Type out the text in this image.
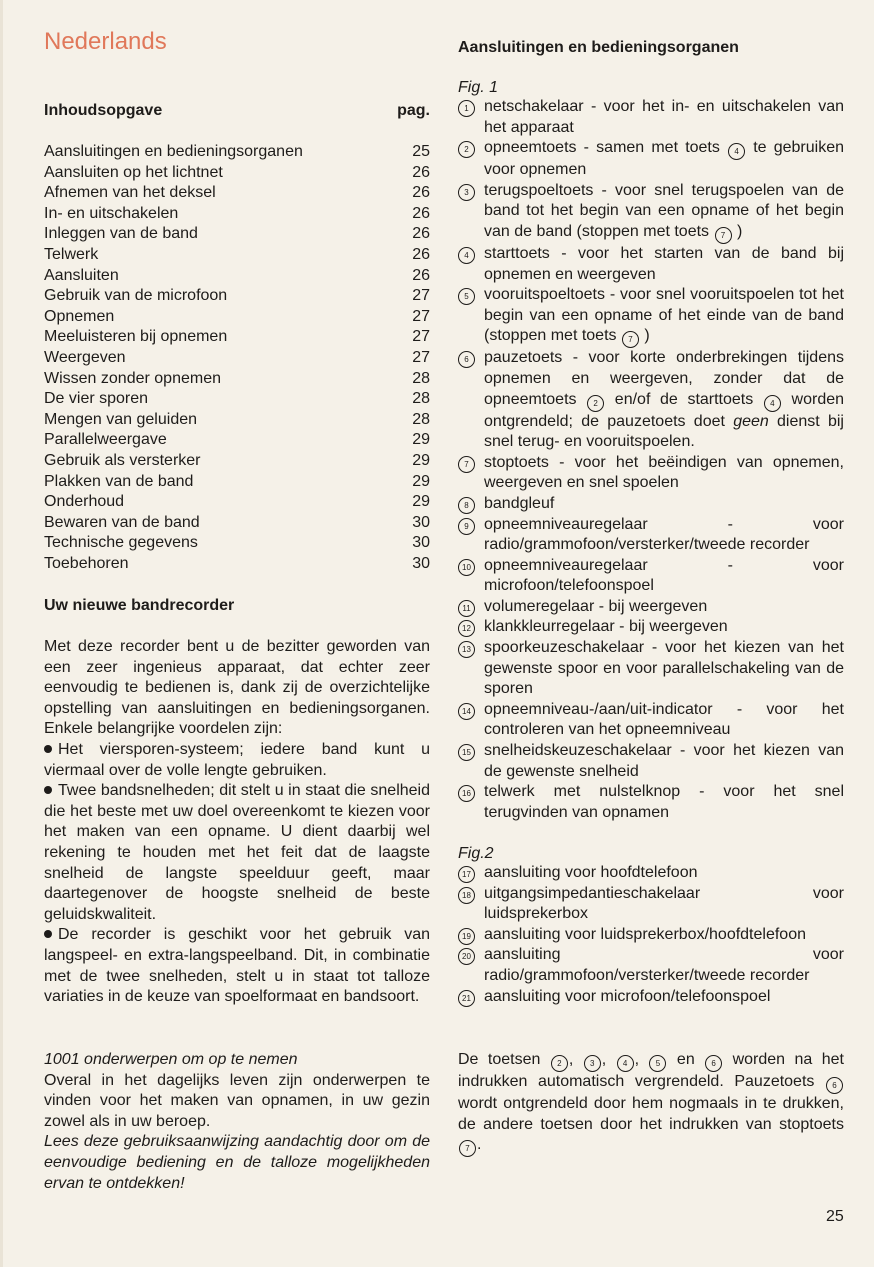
Nederlands
Inhoudsopgave	pag.
Aansluitingen en bedieningsorganen	25
Aansluiten op het lichtnet	26
Afnemen van het deksel	26
In- en uitschakelen	26
Inleggen van de band	26
Telwerk	26
Aansluiten	26
Gebruik van de microfoon	27
Opnemen	27
Meeluisteren bij opnemen	27
Weergeven	27
Wissen zonder opnemen	28
De vier sporen	28
Mengen van geluiden	28
Parallelweergave	29
Gebruik als versterker	29
Plakken van de band	29
Onderhoud	29
Bewaren van de band	30
Technische gegevens	30
Toebehoren	30
Uw nieuwe bandrecorder

Met deze recorder bent u de bezitter geworden van een zeer ingenieus apparaat, dat echter zeer eenvoudig te bedienen is, dank zij de overzichtelijke opstelling van aansluitingen en bedieningsorganen. Enkele belangrijke voordelen zijn:

Het viersporen-systeem; iedere band kunt u viermaal over de volle lengte gebruiken.

Twee bandsnelheden; dit stelt u in staat die snelheid die het beste met uw doel overeenkomt te kiezen voor het maken van een opname. U dient daarbij wel rekening te houden met het feit dat de laagste snelheid de langste speelduur geeft, maar daartegenover de hoogste snelheid de beste geluidskwaliteit.

De recorder is geschikt voor het gebruik van langspeel- en extra-langspeelband. Dit, in combinatie met de twee snelheden, stelt u in staat tot talloze variaties in de keuze van spoelformaat en bandsoort.

1001 onderwerpen om op te nemen

Overal in het dagelijks leven zijn onderwerpen te vinden voor het maken van opnamen, in uw gezin zowel als in uw beroep.

Lees deze gebruiksaanwijzing aandachtig door om de eenvoudige bediening en de talloze mogelijkheden ervan te ontdekken!

Aansluitingen en bedieningsorganen
Fig. 1
1 netschakelaar - voor het in- en uitschakelen van het apparaat
2 opneemtoets - samen met toets 4 te gebruiken voor opnemen
3 terugspoeltoets - voor snel terugspoelen van de band tot het begin van een opname of het begin van de band (stoppen met toets 7 )
4 starttoets - voor het starten van de band bij opnemen en weergeven
5 vooruitspoeltoets - voor snel vooruitspoelen tot het begin van een opname of het einde van de band (stoppen met toets 7 )
6 pauzetoets - voor korte onderbrekingen tijdens opnemen en weergeven, zonder dat de opneemtoets 2 en/of de starttoets 4 worden ontgrendeld; de pauzetoets doet geen dienst bij snel terug- en vooruitspoelen.
7 stoptoets - voor het beëindigen van opnemen, weergeven en snel spoelen
8 bandgleuf
9 opneemniveauregelaar - voor radio/grammofoon/versterker/tweede recorder
10 opneemniveauregelaar - voor microfoon/telefoonspoel
11 volumeregelaar - bij weergeven
12 klankkleurregelaar - bij weergeven
13 spoorkeuzeschakelaar - voor het kiezen van het gewenste spoor en voor parallelschakeling van de sporen
14 opneemniveau-/aan/uit-indicator - voor het controleren van het opneemniveau
15 snelheidskeuzeschakelaar - voor het kiezen van de gewenste snelheid
16 telwerk met nulstelknop - voor het snel terugvinden van opnamen
Fig.2
17 aansluiting voor hoofdtelefoon
18 uitgangsimpedantieschakelaar voor luidsprekerbox
19 aansluiting voor luidsprekerbox/hoofdtelefoon
20 aansluiting voor radio/grammofoon/versterker/tweede recorder
21 aansluiting voor microfoon/telefoonspoel
De toetsen 2 , 3 , 4 , 5 en 6 worden na het indrukken automatisch vergrendeld. Pauzetoets 6 wordt ontgrendeld door hem nogmaals in te drukken, de andere toetsen door het indrukken van stoptoets 7 .
25
